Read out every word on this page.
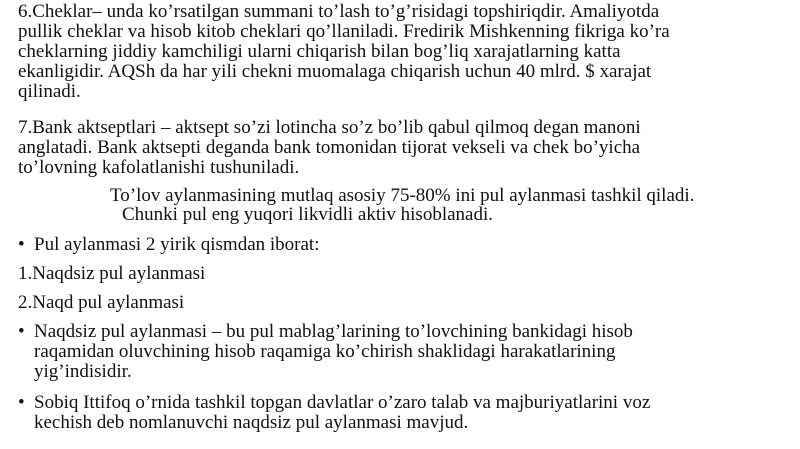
6.Cheklar– unda ko’rsatilgan summani to’lash to’g’risidagi topshiriqdir. Amaliyotda
pullik cheklar va hisob kitob cheklari qo’llaniladi. Fredirik Mishkenning fikriga ko’ra
cheklarning jiddiy kamchiligi ularni chiqarish bilan bog’liq xarajatlarning katta
ekanligidir. AQSh da har yili chekni muomalaga chiqarish uchun 40 mlrd. $ xarajat
qilinadi.
7.Bank aktseptlari – aktsept so’zi lotincha so’z bo’lib qabul qilmoq degan manoni
anglatadi. Bank aktsepti deganda bank tomonidan tijorat vekseli va chek bo’yicha
to’lovning kafolatlanishi tushuniladi.
To’lov aylanmasining mutlaq asosiy 75-80% ini pul aylanmasi tashkil qiladi.
Chunki pul eng yuqori likvidli aktiv hisoblanadi.
• Pul aylanmasi 2 yirik qismdan iborat:
1.Naqdsiz pul aylanmasi
2.Naqd pul aylanmasi
• Naqdsiz pul aylanmasi – bu pul mablag’larining to’lovchining bankidagi hisob
raqamidan oluvchining hisob raqamiga ko’chirish shaklidagi harakatlarining
yig’indisidir.
• Sobiq Ittifoq o’rnida tashkil topgan davlatlar o’zaro talab va majburiyatlarini voz
kechish deb nomlanuvchi naqdsiz pul aylanmasi mavjud.
